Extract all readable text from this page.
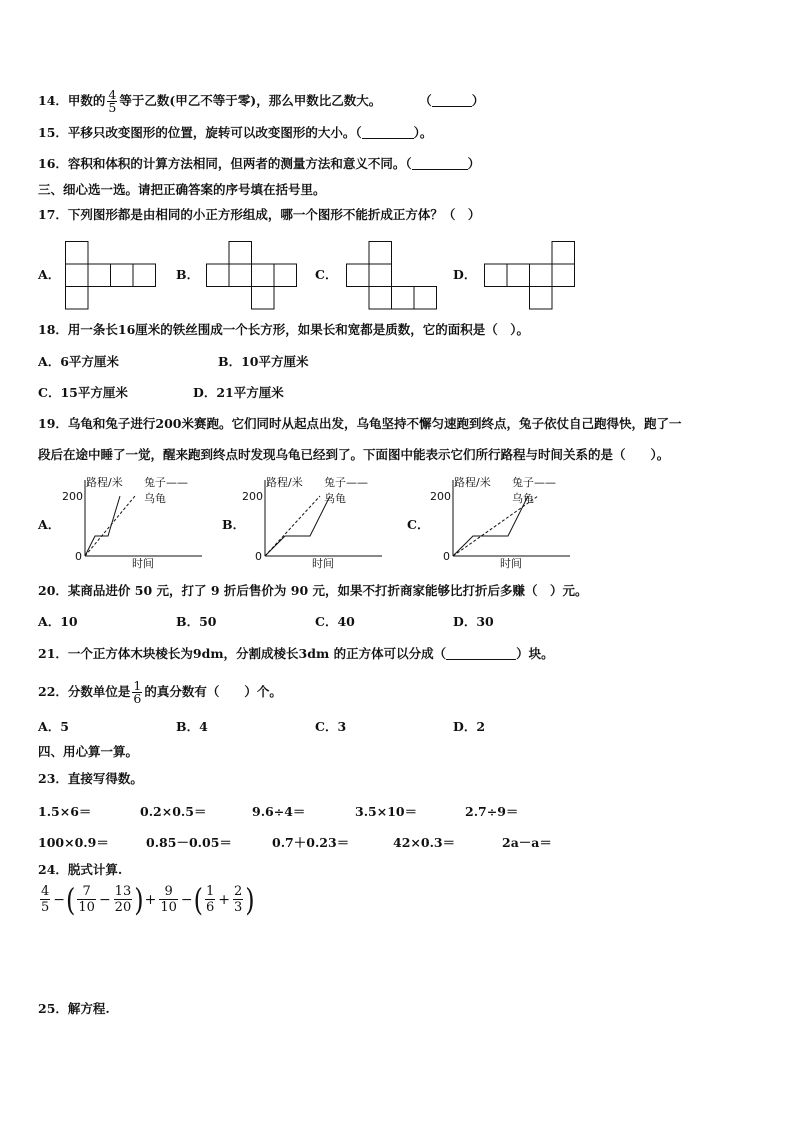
14．甲数的 $\frac{4}{5}$ 等于乙数(甲乙不等于零)，那么甲数比乙数大。	（	）
15．平移只改变图形的位置，旋转可以改变图形的大小。（	）。
16．容积和体积的计算方法相同，但两者的测量方法和意义不同。（	）
三、细心选一选。请把正确答案的序号填在括号里。
17．下列图形都是由相同的小正方形组成，哪一个图形不能折成正方体？（　）
A．	B．	C．	D．
18．用一条长16厘米的铁丝围成一个长方形，如果长和宽都是质数，它的面积是（　）。
A．6平方厘米	B．10平方厘米
C．15平方厘米	D．21平方厘米
19．乌龟和兔子进行200米赛跑。它们同时从起点出发，乌龟坚持不懈匀速跑到终点，兔子依仗自己跑得快，跑了一
段后在途中睡了一觉，醒来跑到终点时发现乌龟已经到了。下面图中能表示它们所行路程与时间关系的是（　　）。
A．	B．	C．
200
0
路程/米 兔子——
乌龟
时间
200
0
路程/米 兔子——
乌龟
时间
200
0
路程/米 兔子——
乌龟
时间
20．某商品进价 50 元，打了 9 折后售价为 90 元，如果不打折商家能够比打折后多赚（　）元。
A．10	B．50	C．40	D．30
21．一个正方体木块棱长为9dm，分割成棱长3dm 的正方体可以分成（	）块。
22．分数单位是 $\frac{1}{6}$ 的真分数有（　　）个。
A．5	B．4	C．3	D．2
四、用心算一算。
23．直接写得数。
1.5×6＝	0.2×0.5＝	9.6÷4＝	3.5×10＝	2.7÷9＝
100×0.9＝	0.85－0.05＝	0.7＋0.23＝	42×0.3＝	2a－a＝
24．脱式计算.
$\frac{4}{5}$ −( $\frac{7}{10} - \frac{13}{20}$ )+ $\frac{9}{10}$ −( $\frac{1}{6} + \frac{2}{3}$ )
25．解方程.
